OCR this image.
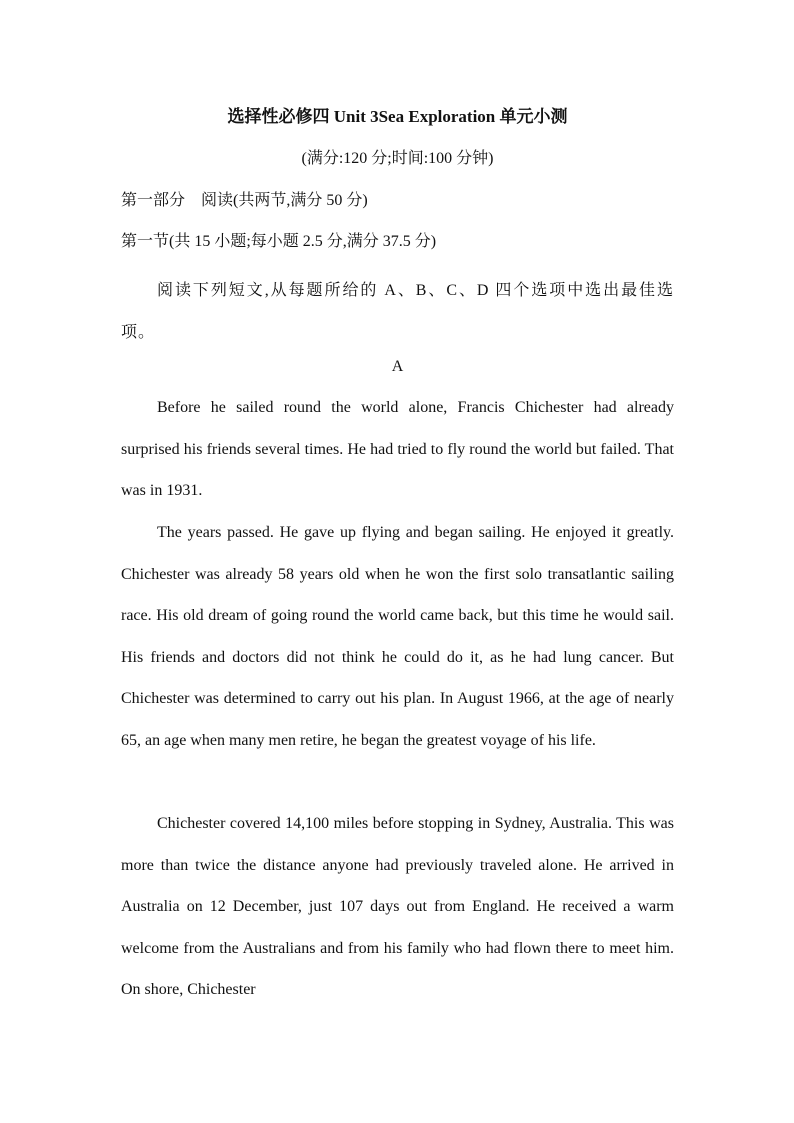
选择性必修四 Unit 3Sea Exploration 单元小测
(满分:120 分;时间:100 分钟)
第一部分　阅读(共两节,满分 50 分)
第一节(共 15 小题;每小题 2.5 分,满分 37.5 分)
阅读下列短文,从每题所给的 A、B、C、D 四个选项中选出最佳选项。
A

Before he sailed round the world alone, Francis Chichester had already surprised his friends several times. He had tried to fly round the world but failed. That was in 1931.

The years passed. He gave up flying and began sailing. He enjoyed it greatly. Chichester was already 58 years old when he won the first solo transatlantic sailing race. His old dream of going round the world came back, but this time he would sail. His friends and doctors did not think he could do it, as he had lung cancer. But Chichester was determined to carry out his plan. In August 1966, at the age of nearly 65, an age when many men retire, he began the greatest voyage of his life.

Chichester covered 14,100 miles before stopping in Sydney, Australia. This was more than twice the distance anyone had previously traveled alone. He arrived in Australia on 12 December, just 107 days out from England. He received a warm welcome from the Australians and from his family who had flown there to meet him. On shore, Chichester
